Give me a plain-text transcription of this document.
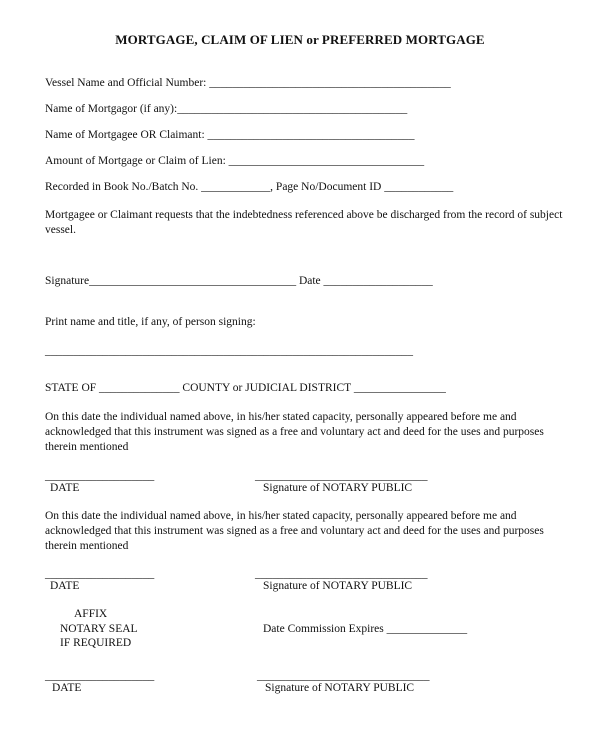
MORTGAGE, CLAIM OF LIEN or PREFERRED MORTGAGE
Vessel Name and Official Number: __________________________________________
Name of Mortgagor (if any):________________________________________
Name of Mortgagee OR Claimant: ____________________________________
Amount of Mortgage or Claim of Lien: __________________________________
Recorded in Book No./Batch No. ____________, Page No/Document ID ____________
Mortgagee or Claimant requests that the indebtedness referenced above be discharged from the record of subject vessel.
Signature____________________________________ Date ___________________
Print name and title, if any, of person signing:
________________________________________________________________
STATE OF ______________ COUNTY or JUDICIAL DISTRICT ________________
On this date the individual named above, in his/her stated capacity, personally appeared before me and acknowledged that this instrument was signed as a free and voluntary act and deed for the uses and purposes therein mentioned
___________________
DATE
______________________________
Signature of NOTARY PUBLIC
On this date the individual named above, in his/her stated capacity, personally appeared before me and acknowledged that this instrument was signed as a free and voluntary act and deed for the uses and purposes therein mentioned
___________________
DATE
______________________________
Signature of NOTARY PUBLIC
AFFIX
NOTARY SEAL
IF REQUIRED
Date Commission Expires ______________
___________________
DATE
______________________________
Signature of NOTARY PUBLIC
